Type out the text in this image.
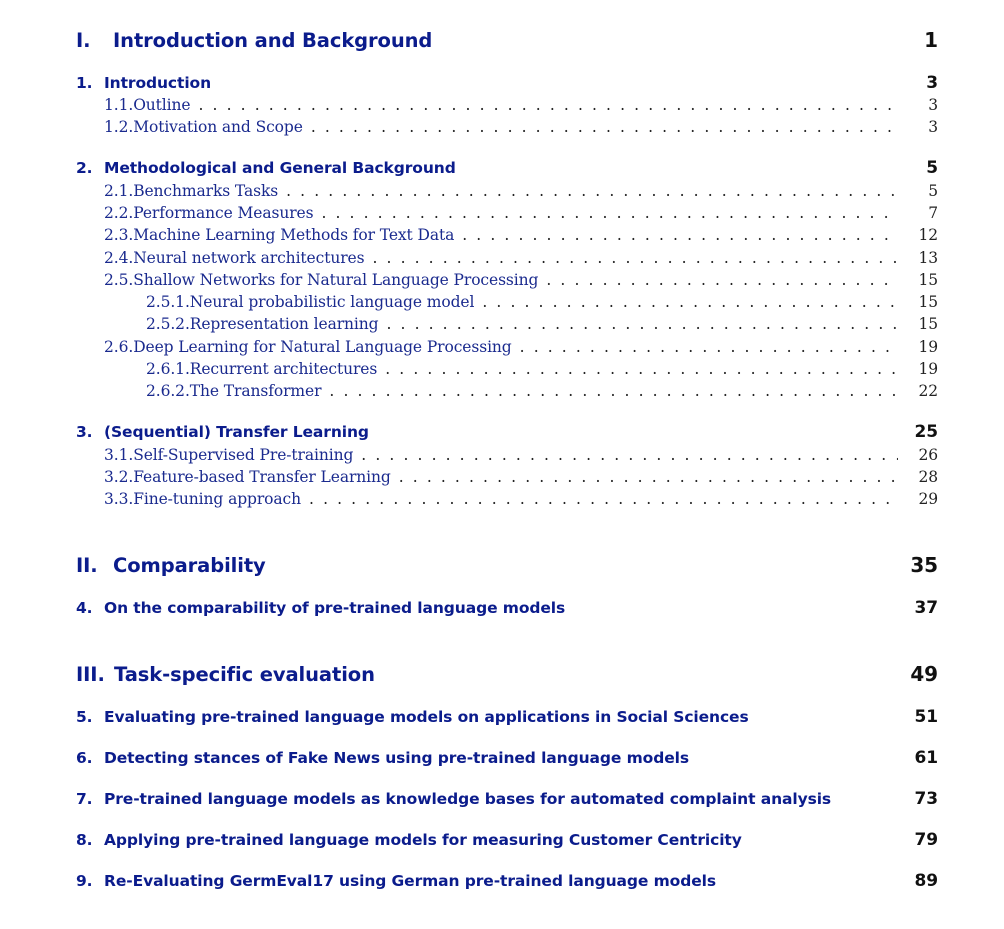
I.	Introduction and Background	1
1. Introduction	3
1.1. Outline . . .	3
1.2. Motivation and Scope . . .	3
2. Methodological and General Background	5
2.1. Benchmarks Tasks . . .	5
2.2. Performance Measures . . .	7
2.3. Machine Learning Methods for Text Data . . .	12
2.4. Neural network architectures . . .	13
2.5. Shallow Networks for Natural Language Processing . . .	15
2.5.1. Neural probabilistic language model . . .	15
2.5.2. Representation learning . . .	15
2.6. Deep Learning for Natural Language Processing . . .	19
2.6.1. Recurrent architectures . . .	19
2.6.2. The Transformer . . .	22
3. (Sequential) Transfer Learning	25
3.1. Self-Supervised Pre-training . . .	26
3.2. Feature-based Transfer Learning . . .	28
3.3. Fine-tuning approach . . .	29
II. Comparability	35
4. On the comparability of pre-trained language models	37
III. Task-specific evaluation	49
5. Evaluating pre-trained language models on applications in Social Sciences	51
6. Detecting stances of Fake News using pre-trained language models	61
7. Pre-trained language models as knowledge bases for automated complaint analysis	73
8. Applying pre-trained language models for measuring Customer Centricity	79
9. Re-Evaluating GermEval17 using German pre-trained language models	89
